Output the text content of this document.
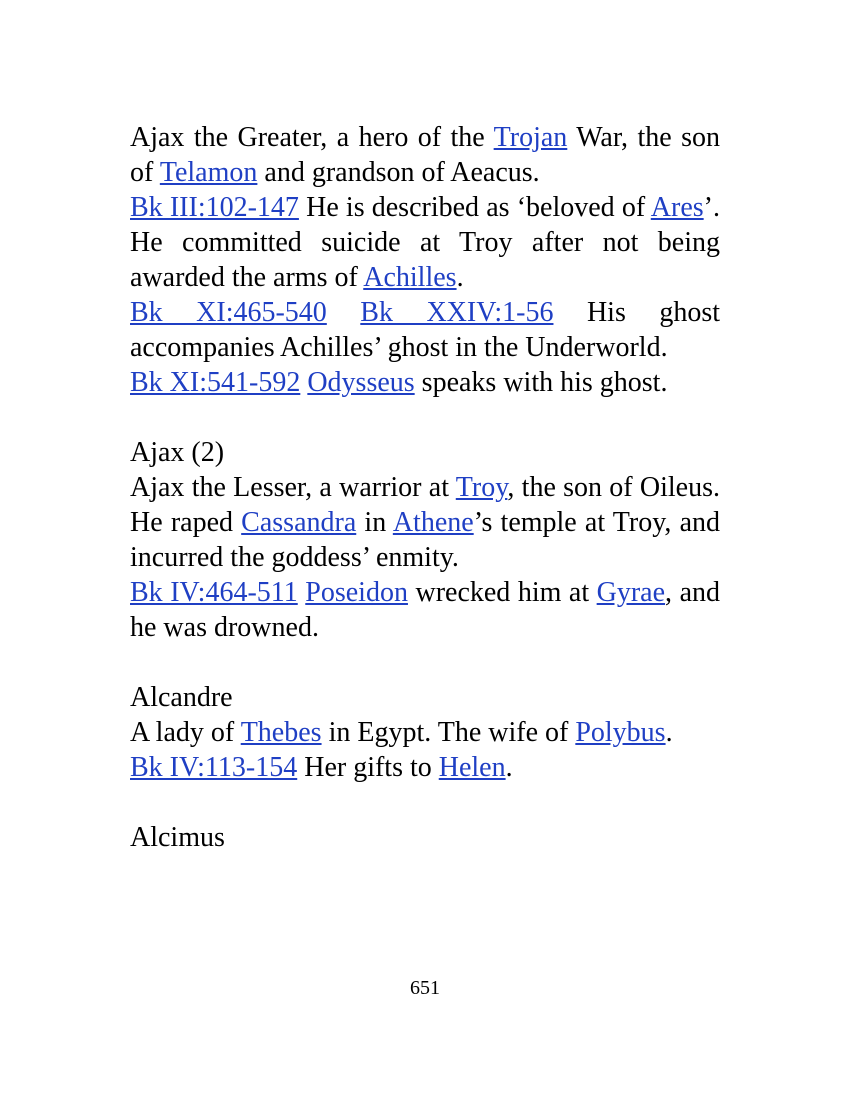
Ajax the Greater, a hero of the Trojan War, the son of Telamon and grandson of Aeacus.

Bk III:102-147 He is described as ‘beloved of Ares’. He committed suicide at Troy after not being awarded the arms of Achilles.

Bk XI:465-540 Bk XXIV:1-56 His ghost accompanies Achilles’ ghost in the Underworld.

Bk XI:541-592 Odysseus speaks with his ghost.

Ajax (2)

Ajax the Lesser, a warrior at Troy, the son of Oileus. He raped Cassandra in Athene’s temple at Troy, and incurred the goddess’ enmity.

Bk IV:464-511 Poseidon wrecked him at Gyrae, and he was drowned.

Alcandre

A lady of Thebes in Egypt. The wife of Polybus.

Bk IV:113-154 Her gifts to Helen.

Alcimus

651
